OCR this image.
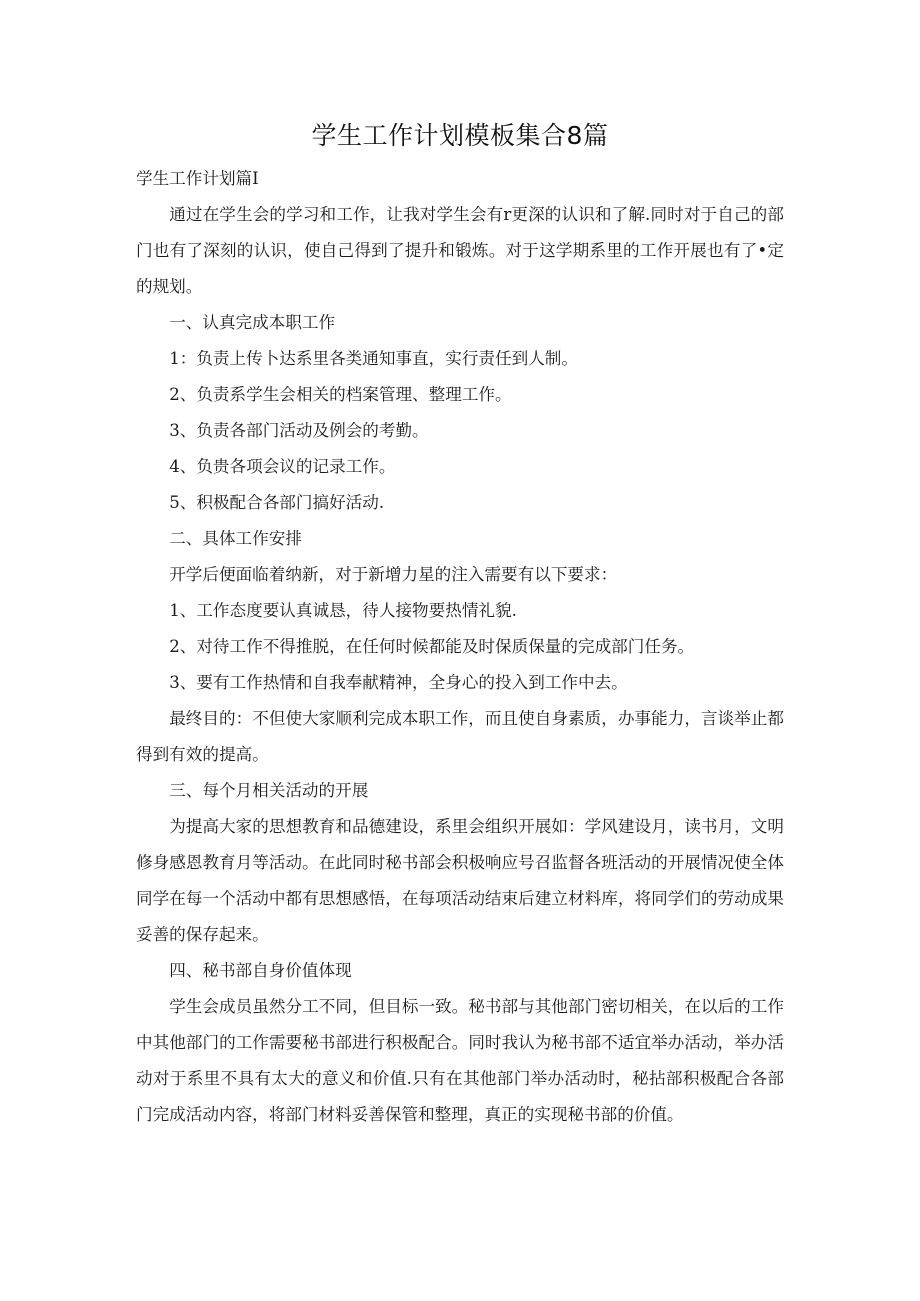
学生工作计划模板集合8篇

学生工作计划篇I

通过在学生会的学习和工作，让我对学生会有r更深的认识和了解.同时对于自己的部门也有了深刻的认识，使自己得到了提升和锻炼。对于这学期系里的工作开展也有了•定的规划。

一、认真完成本职工作

1：负责上传卜达系里各类通知事直，实行责任到人制。

2、负责系学生会相关的档案管理、整理工作。

3、负责各部门活动及例会的考勤。

4、负贵各项会议的记录工作。

5、积极配合各部门搞好活动.

二、具体工作安排

开学后便面临着纳新，对于新增力星的注入需要有以下要求：

1、工作态度要认真诚恳，待人接物要热情礼貌.

2、对待工作不得推脱，在任何时候都能及时保质保量的完成部门任务。

3、要有工作热情和自我奉献精神，全身心的投入到工作中去。

最终目的：不但使大家顺利完成本职工作，而且使自身素质，办事能力，言谈举止都得到有效的提高。

三、每个月相关活动的开展

为提高大家的思想教育和品德建设，系里会组织开展如：学风建设月，读书月，文明修身感恩教育月等活动。在此同时秘书部会积极响应号召监督各班活动的开展情况使全体同学在每一个活动中都有思想感悟，在每项活动结束后建立材料库，将同学们的劳动成果妥善的保存起来。

四、秘书部自身价值体现

学生会成员虽然分工不同，但目标一致。秘书部与其他部门密切相关，在以后的工作中其他部门的工作需要秘书部进行积极配合。同时我认为秘书部不适宜举办活动，举办活动对于系里不具有太大的意义和价值.只有在其他部门举办活动时，秘拈部积极配合各部门完成活动内容，将部门材料妥善保管和整理，真正的实现秘书部的价值。
